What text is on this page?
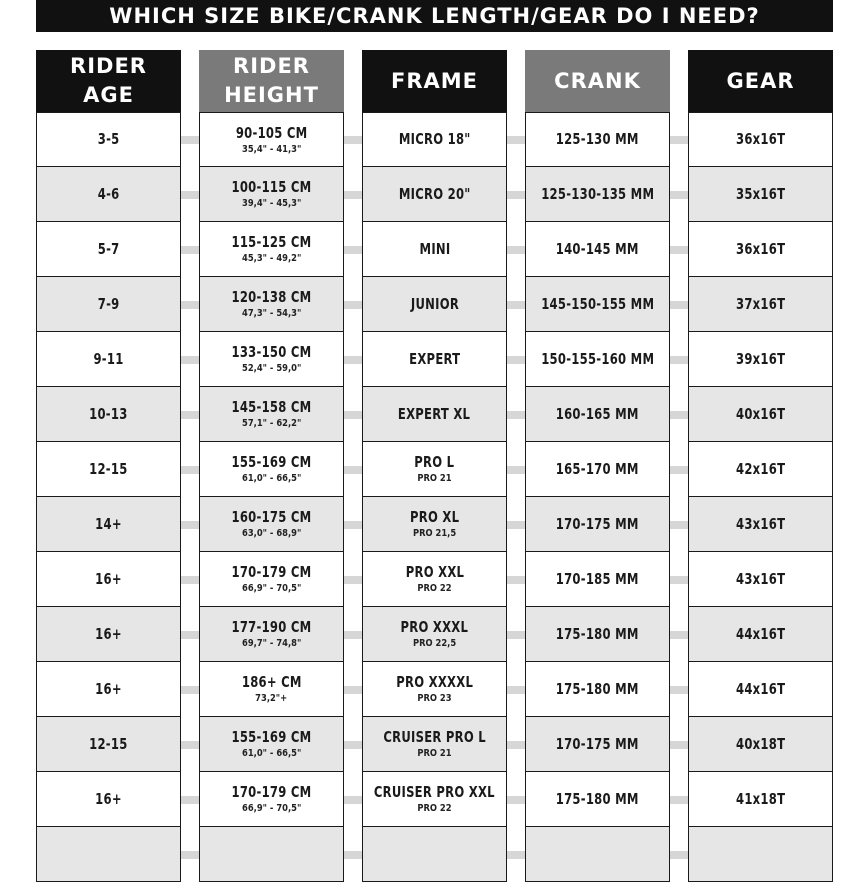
WHICH SIZE BIKE/CRANK LENGTH/GEAR DO I NEED?
RIDER
AGE
3-5
4-6
5-7
7-9
9-11
10-13
12-15
14+
16+
16+
16+
12-15
16+
RIDER
HEIGHT
90-105 CM
35,4" - 41,3"
100-115 CM
39,4" - 45,3"
115-125 CM
45,3" - 49,2"
120-138 CM
47,3" - 54,3"
133-150 CM
52,4" - 59,0"
145-158 CM
57,1" - 62,2"
155-169 CM
61,0" - 66,5"
160-175 CM
63,0" - 68,9"
170-179 CM
66,9" - 70,5"
177-190 CM
69,7" - 74,8"
186+ CM
73,2"+
155-169 CM
61,0" - 66,5"
170-179 CM
66,9" - 70,5"
FRAME
MICRO 18"
MICRO 20"
MINI
JUNIOR
EXPERT
EXPERT XL
PRO L
PRO 21
PRO XL
PRO 21,5
PRO XXL
PRO 22
PRO XXXL
PRO 22,5
PRO XXXXL
PRO 23
CRUISER PRO L
PRO 21
CRUISER PRO XXL
PRO 22
CRANK
125-130 MM
125-130-135 MM
140-145 MM
145-150-155 MM
150-155-160 MM
160-165 MM
165-170 MM
170-175 MM
170-185 MM
175-180 MM
175-180 MM
170-175 MM
175-180 MM
GEAR
36x16T
35x16T
36x16T
37x16T
39x16T
40x16T
42x16T
43x16T
43x16T
44x16T
44x16T
40x18T
41x18T
